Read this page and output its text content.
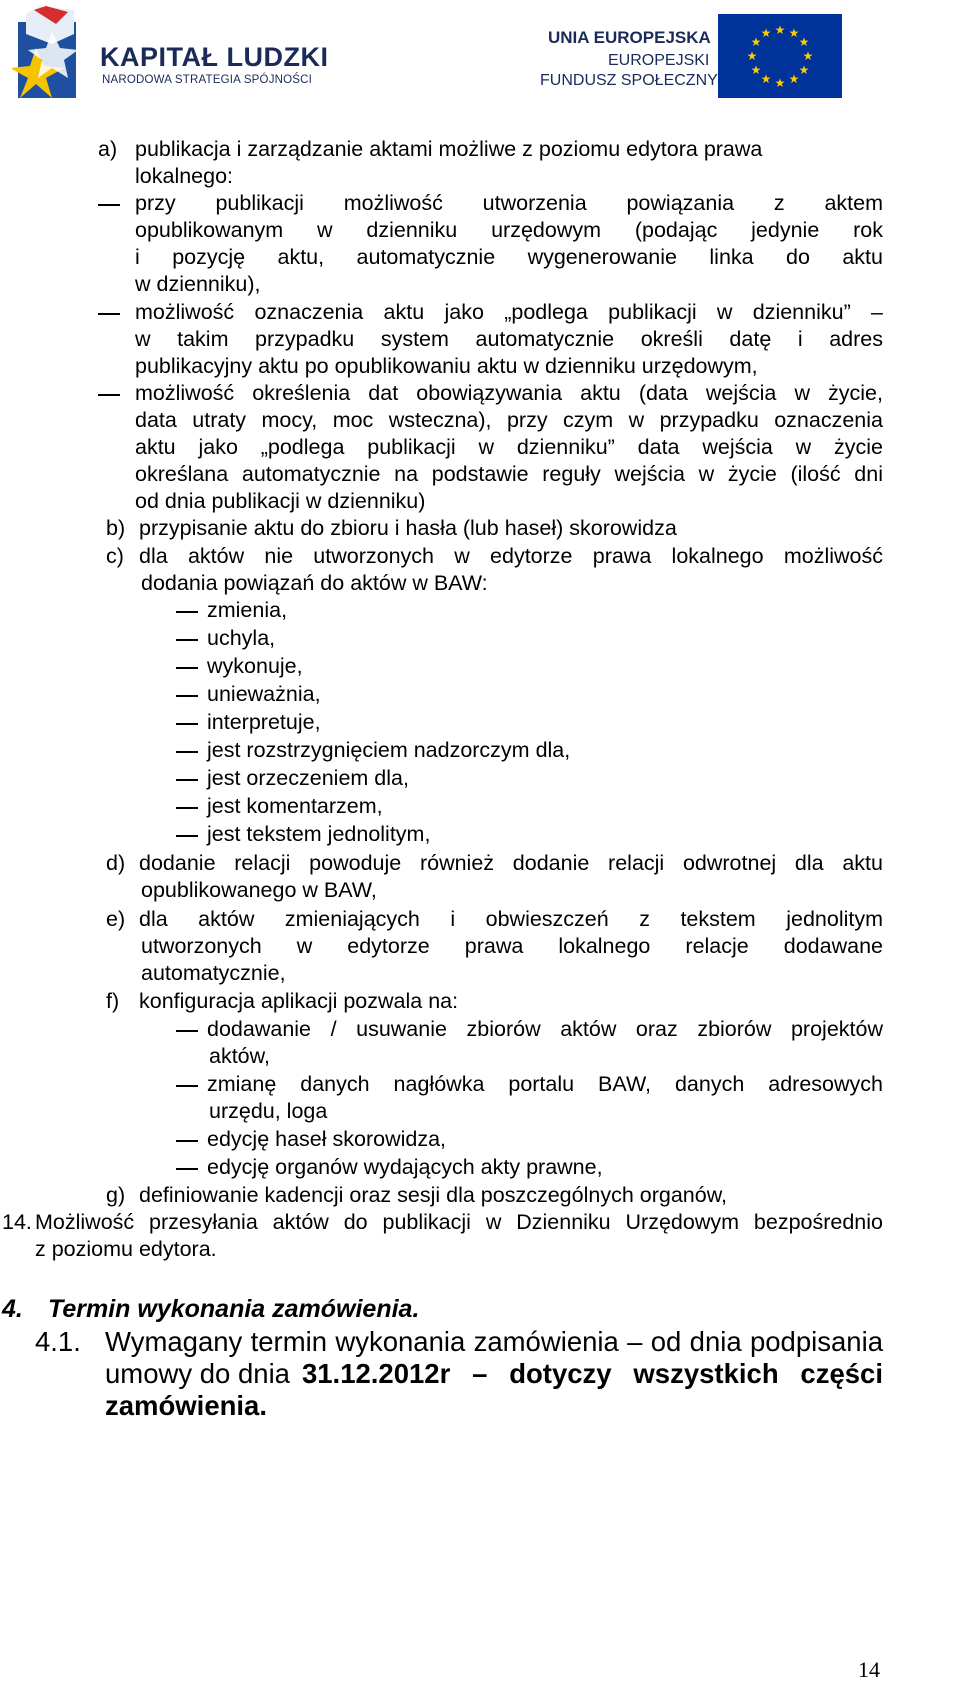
KAPITAŁ LUDZKI
NARODOWA STRATEGIA SPÓJNOŚCI
UNIA EUROPEJSKA
EUROPEJSKI
FUNDUSZ SPOŁECZNY
★ ★
★
★
★
★
★
★
★
★
★
★
a) publikacja i zarządzanie aktami możliwe z poziomu edytora prawa
lokalnego:
przy publikacji możliwość utworzenia powiązania z aktem
opublikowanym w dzienniku urzędowym (podając jedynie rok
i pozycję aktu, automatycznie wygenerowanie linka do aktu
w dzienniku),
możliwość oznaczenia aktu jako „podlega publikacji w dzienniku” –
w takim przypadku system automatycznie określi datę i adres
publikacyjny aktu po opublikowaniu aktu w dzienniku urzędowym,
możliwość określenia dat obowiązywania aktu (data wejścia w życie,
data utraty mocy, moc wsteczna), przy czym w przypadku oznaczenia
aktu jako „podlega publikacji w dzienniku” data wejścia w życie
określana automatycznie na podstawie reguły wejścia w życie (ilość dni
od dnia publikacji w dzienniku)
b) przypisanie aktu do zbioru i hasła (lub haseł) skorowidza
c) dla aktów nie utworzonych w edytorze prawa lokalnego możliwość
dodania powiązań do aktów w BAW:
zmienia,
uchyla,
wykonuje,
unieważnia,
interpretuje,
jest rozstrzygnięciem nadzorczym dla,
jest orzeczeniem dla,
jest komentarzem,
jest tekstem jednolitym,
d) dodanie relacji powoduje również dodanie relacji odwrotnej dla aktu
opublikowanego w BAW,
e) dla aktów zmieniających i obwieszczeń z tekstem jednolitym
utworzonych w edytorze prawa lokalnego relacje dodawane
automatycznie,
f) konfiguracja aplikacji pozwala na:
dodawanie / usuwanie zbiorów aktów oraz zbiorów projektów
aktów,
zmianę danych nagłówka portalu BAW, danych adresowych
urzędu, loga
edycję haseł skorowidza,
edycję organów wydających akty prawne,
g) definiowanie kadencji oraz sesji dla poszczególnych organów,
14. Możliwość przesyłania aktów do publikacji w Dzienniku Urzędowym bezpośrednio
z poziomu edytora.
4. Termin wykonania zamówienia.
4.1. Wymagany termin wykonania zamówienia – od dnia podpisania
umowy do dnia 31.12.2012r – dotyczy wszystkich części
zamówienia.
14
